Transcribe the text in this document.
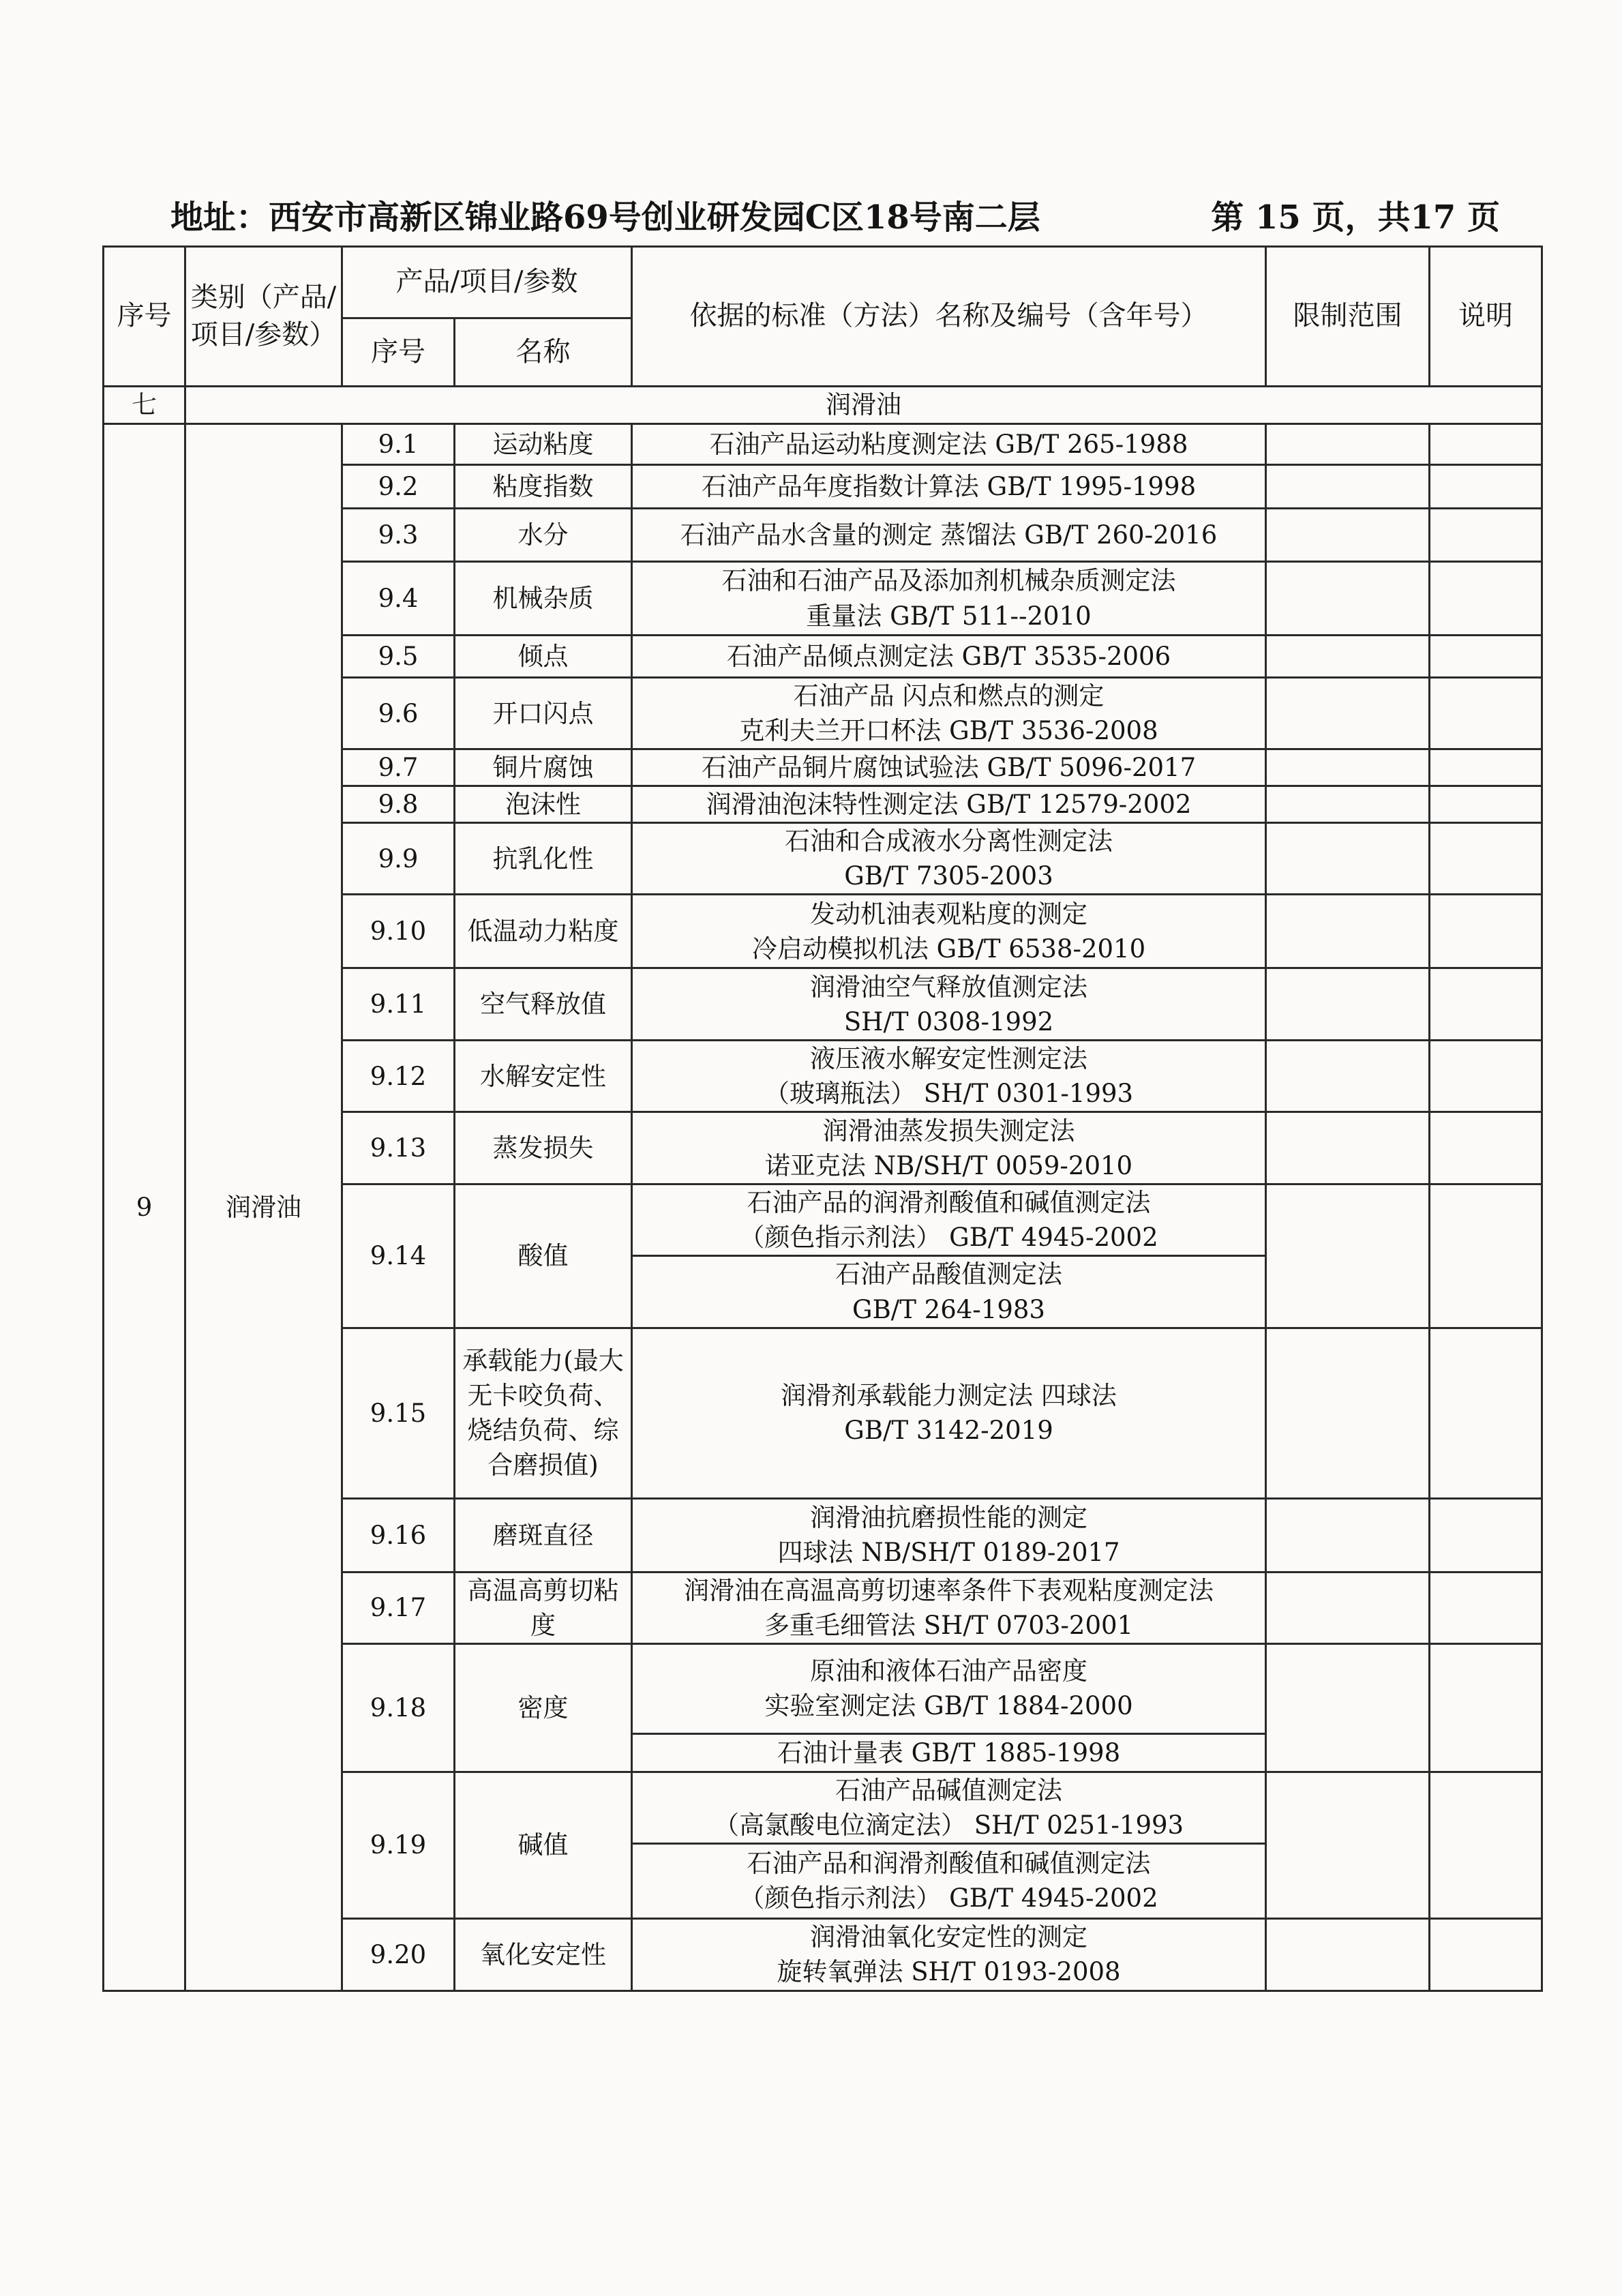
地址：西安市高新区锦业路69号创业研发园C区18号南二层	第 15 页，共17 页
序号	类别（产品/项目/参数）	产品/项目/参数		依据的标准（方法）名称及编号（含年号）	限制范围	说明
		序号	名称			
七	润滑油					
9	润滑油	9.1	运动粘度	石油产品运动粘度测定法 GB/T 265-1988		

		9.2	粘度指数	石油产品年度指数计算法 GB/T 1995-1998		

		9.3	水分	石油产品水含量的测定 蒸馏法 GB/T 260-2016		

		9.4	机械杂质	石油和石油产品及添加剂机械杂质测定法
重量法 GB/T 511--2010		

		9.5	倾点	石油产品倾点测定法 GB/T 3535-2006		

		9.6	开口闪点	石油产品 闪点和燃点的测定
克利夫兰开口杯法 GB/T 3536-2008		

		9.7	铜片腐蚀	石油产品铜片腐蚀试验法 GB/T 5096-2017		

		9.8	泡沫性	润滑油泡沫特性测定法 GB/T 12579-2002		

		9.9	抗乳化性	石油和合成液水分离性测定法
GB/T 7305-2003		

		9.10	低温动力粘度	发动机油表观粘度的测定
冷启动模拟机法 GB/T 6538-2010		

		9.11	空气释放值	润滑油空气释放值测定法
SH/T 0308-1992		

		9.12	水解安定性	液压液水解安定性测定法
（玻璃瓶法） SH/T 0301-1993		

		9.13	蒸发损失	润滑油蒸发损失测定法
诺亚克法 NB/SH/T 0059-2010		

		9.14	酸值	石油产品的润滑剂酸值和碱值测定法
（颜色指示剂法） GB/T 4945-2002		

				石油产品酸值测定法
GB/T 264-1983		

		9.15	承载能力(最大无卡咬负荷、烧结负荷、综合磨损值)	润滑剂承载能力测定法 四球法
GB/T 3142-2019		

		9.16	磨斑直径	润滑油抗磨损性能的测定
四球法 NB/SH/T 0189-2017		

		9.17	高温高剪切粘度	润滑油在高温高剪切速率条件下表观粘度测定法
多重毛细管法 SH/T 0703-2001		

		9.18	密度	原油和液体石油产品密度
实验室测定法 GB/T 1884-2000		

				石油计量表 GB/T 1885-1998		

		9.19	碱值	石油产品碱值测定法
（高氯酸电位滴定法） SH/T 0251-1993		

				石油产品和润滑剂酸值和碱值测定法
（颜色指示剂法） GB/T 4945-2002		

		9.20	氧化安定性	润滑油氧化安定性的测定
旋转氧弹法 SH/T 0193-2008		
